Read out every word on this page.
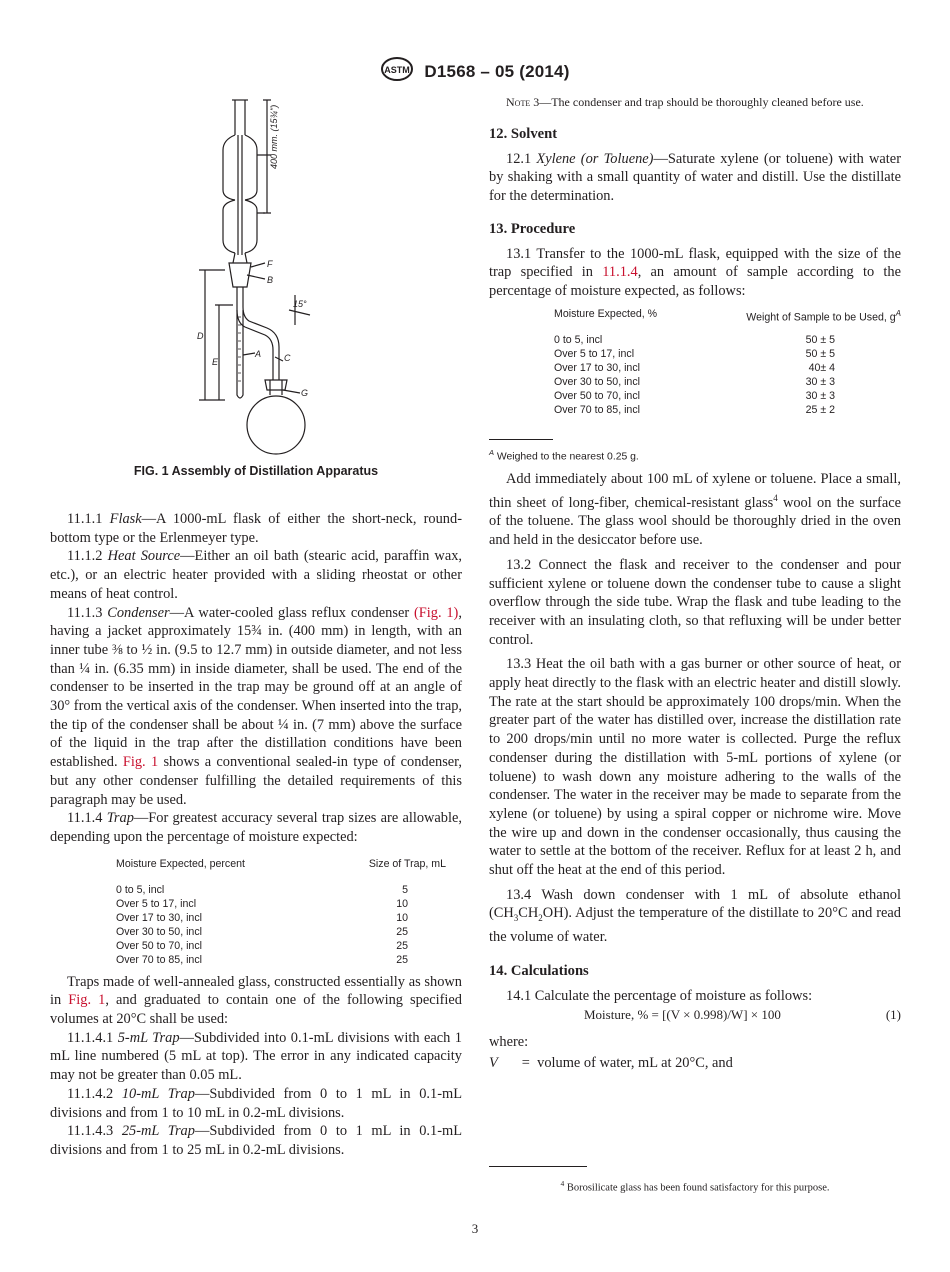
ASTM D1568 – 05 (2014)
400 mm. (15¾")
F
B
15°
D
A	C
E
G
FIG. 1 Assembly of Distillation Apparatus

11.1.1 Flask—A 1000-mL flask of either the short-neck, round-bottom type or the Erlenmeyer type.

11.1.2 Heat Source—Either an oil bath (stearic acid, paraffin wax, etc.), or an electric heater provided with a sliding rheostat or other means of heat control.

11.1.3 Condenser—A water-cooled glass reflux condenser (Fig. 1), having a jacket approximately 15¾ in. (400 mm) in length, with an inner tube ⅜ to ½ in. (9.5 to 12.7 mm) in outside diameter, and not less than ¼ in. (6.35 mm) in inside diameter, shall be used. The end of the condenser to be inserted in the trap may be ground off at an angle of 30° from the vertical axis of the condenser. When inserted into the trap, the tip of the condenser shall be about ¼ in. (7 mm) above the surface of the liquid in the trap after the distillation conditions have been established. Fig. 1 shows a conventional sealed-in type of condenser, but any other condenser fulfilling the detailed requirements of this paragraph may be used.

11.1.4 Trap—For greatest accuracy several trap sizes are allowable, depending upon the percentage of moisture expected:

Moisture Expected, percent	Size of Trap, mL
0 to 5, incl	5
Over 5 to 17, incl	10
Over 17 to 30, incl	10
Over 30 to 50, incl	25
Over 50 to 70, incl	25
Over 70 to 85, incl	25

Traps made of well-annealed glass, constructed essentially as shown in Fig. 1, and graduated to contain one of the following specified volumes at 20°C shall be used:

11.1.4.1 5-mL Trap—Subdivided into 0.1-mL divisions with each 1 mL line numbered (5 mL at top). The error in any indicated capacity may not be greater than 0.05 mL.

11.1.4.2 10-mL Trap—Subdivided from 0 to 1 mL in 0.1-mL divisions and from 1 to 10 mL in 0.2-mL divisions.

11.1.4.3 25-mL Trap—Subdivided from 0 to 1 mL in 0.1-mL divisions and from 1 to 25 mL in 0.2-mL divisions.

Note 3—The condenser and trap should be thoroughly cleaned before use.

12. Solvent

12.1 Xylene (or Toluene)—Saturate xylene (or toluene) with water by shaking with a small quantity of water and distill. Use the distillate for the determination.

13. Procedure

13.1 Transfer to the 1000-mL flask, equipped with the size of the trap specified in 11.1.4, an amount of sample according to the percentage of moisture expected, as follows:

Moisture Expected, %	Weight of Sample to be Used, $g^A$
0 to 5, incl	50 ± 5
Over 5 to 17, incl	50 ± 5
Over 17 to 30, incl	40± 4
Over 30 to 50, incl	30 ± 3
Over 50 to 70, incl	30 ± 3
Over 70 to 85, incl	25 ± 2
$^A$ Weighed to the nearest 0.25 g.

Add immediately about 100 mL of xylene or toluene. Place a small, thin sheet of long-fiber, chemical-resistant glass$^4$ wool on the surface of the toluene. The glass wool should be thoroughly dried in the oven and held in the desiccator before use.

13.2 Connect the flask and receiver to the condenser and pour sufficient xylene or toluene down the condenser tube to cause a slight overflow through the side tube. Wrap the flask and tube leading to the receiver with an insulating cloth, so that refluxing will be under better control.

13.3 Heat the oil bath with a gas burner or other source of heat, or apply heat directly to the flask with an electric heater and distill slowly. The rate at the start should be approximately 100 drops/min. When the greater part of the water has distilled over, increase the distillation rate to 200 drops/min until no more water is collected. Purge the reflux condenser during the distillation with 5-mL portions of xylene (or toluene) to wash down any moisture adhering to the walls of the condenser. The water in the receiver may be made to separate from the xylene (or toluene) by using a spiral copper or nichrome wire. Move the wire up and down in the condenser occasionally, thus causing the water to settle at the bottom of the receiver. Reflux for at least 2 h, and shut off the heat at the end of this period.

13.4 Wash down condenser with 1 mL of absolute ethanol $(CH_3CH_2OH)$. Adjust the temperature of the distillate to 20°C and read the volume of water.

14. Calculations

14.1 Calculate the percentage of moisture as follows:

Moisture, % = [(V × 0.998)/W] × 100	(1)

where:

V = volume of water, mL at 20°C, and

$^4$ Borosilicate glass has been found satisfactory for this purpose.
3
